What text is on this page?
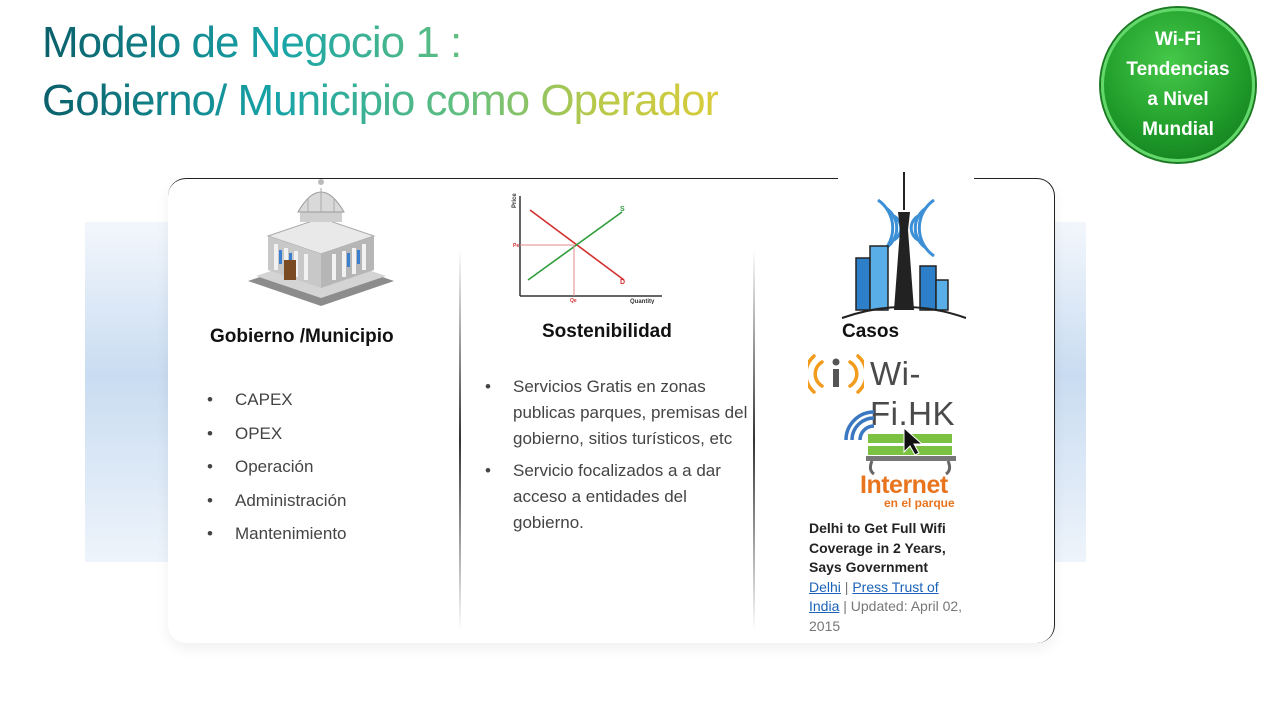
Modelo de Negocio 1 :
Gobierno/ Municipio como Operador
Wi-Fi
Tendencias
a Nivel
Mundial
Gobierno /Municipio
• CAPEX
• OPEX
• Operación
• Administración
• Mantenimiento
Price
Quantity
S
D
Pe
Qe
Sostenibilidad
• Servicios Gratis en zonas publicas parques, premisas del gobierno, sitios turísticos, etc
• Servicio focalizados a a dar acceso a entidades del gobierno.
Casos
Wi-Fi.HK
Internet
en el parque
Delhi to Get Full Wifi Coverage in 2 Years, Says Government
Delhi | Press Trust of India | Updated: April 02, 2015
